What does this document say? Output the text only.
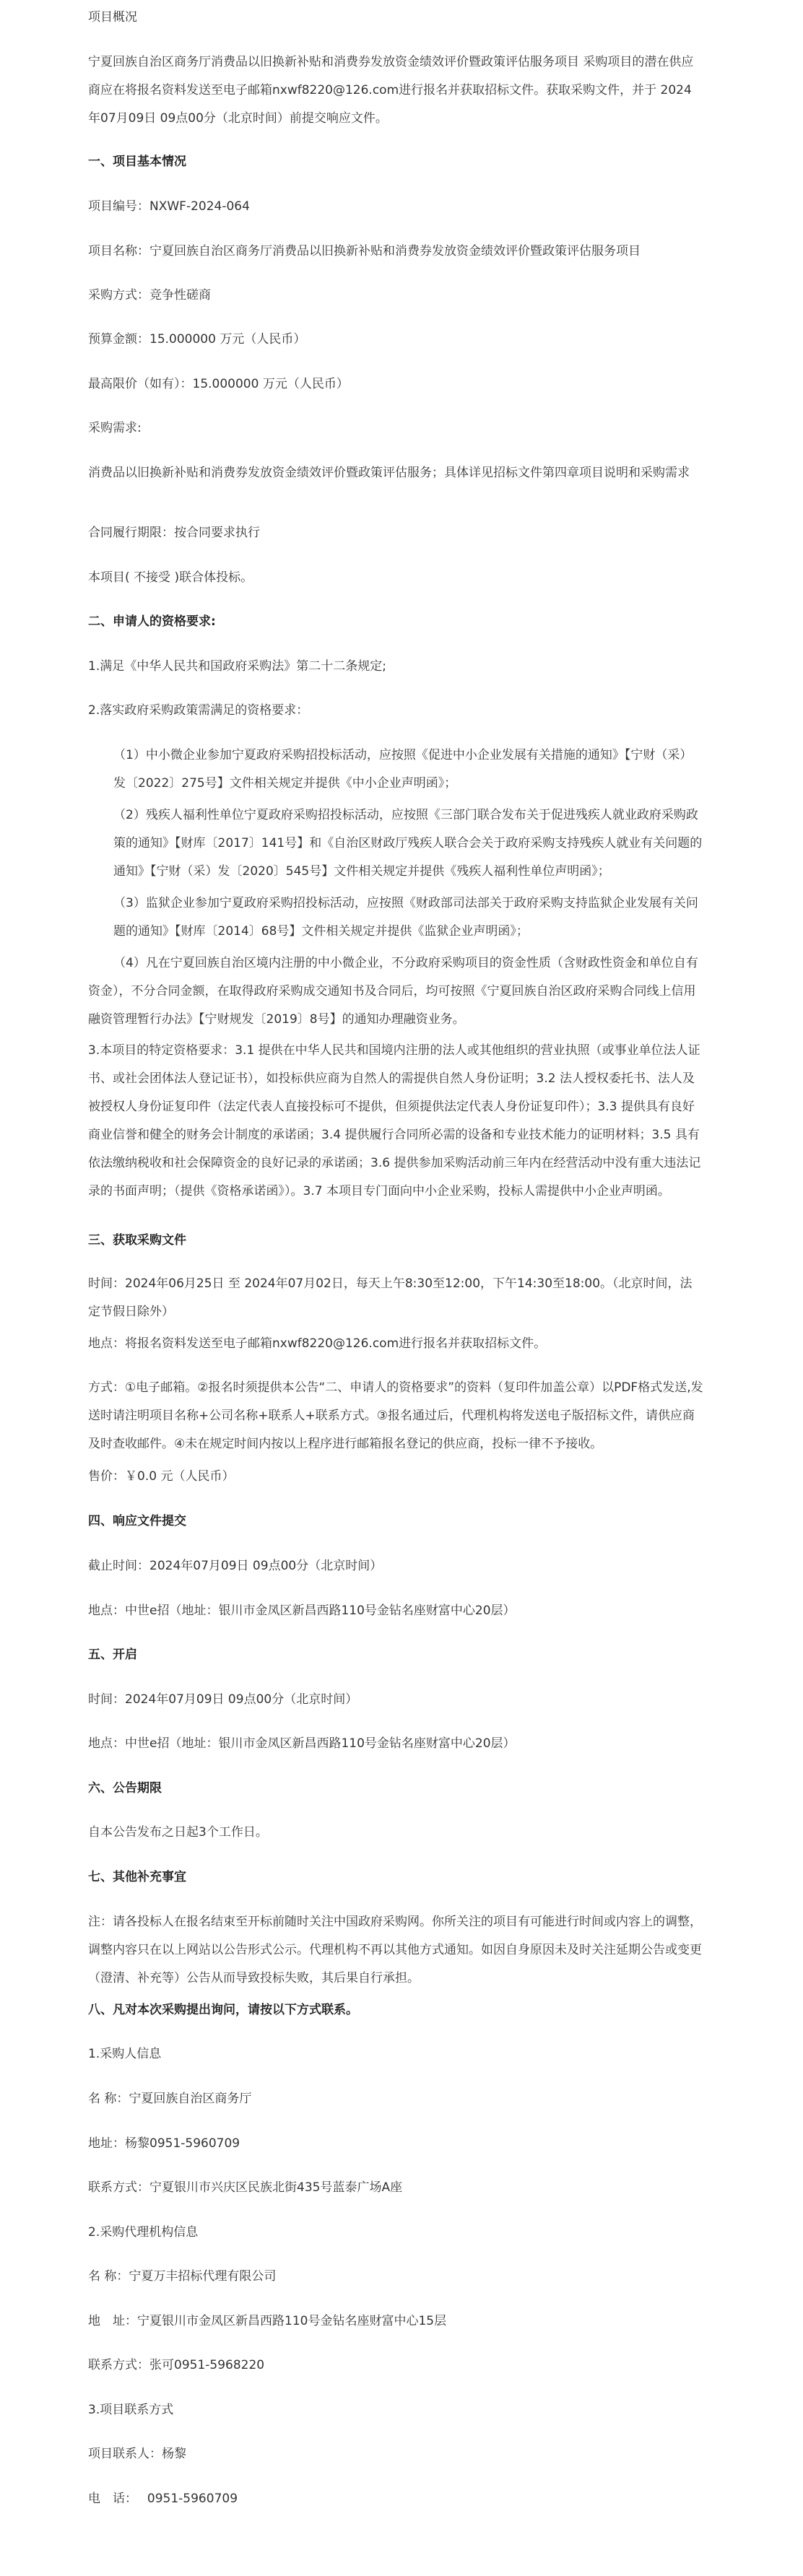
项目概况
宁夏回族自治区商务厅消费品以旧换新补贴和消费券发放资金绩效评价暨政策评估服务项目 采购项目的潜在供应商应在将报名资料发送至电子邮箱nxwf8220@126.com进行报名并获取招标文件。获取采购文件，并于 2024年07月09日 09点00分（北京时间）前提交响应文件。
一、项目基本情况
项目编号：NXWF-2024-064
项目名称：宁夏回族自治区商务厅消费品以旧换新补贴和消费券发放资金绩效评价暨政策评估服务项目
采购方式：竞争性磋商
预算金额：15.000000 万元（人民币）
最高限价（如有）：15.000000 万元（人民币）
采购需求:
消费品以旧换新补贴和消费券发放资金绩效评价暨政策评估服务；具体详见招标文件第四章项目说明和采购需求
合同履行期限：按合同要求执行
本项目( 不接受 )联合体投标。
二、申请人的资格要求:
1.满足《中华人民共和国政府采购法》第二十二条规定;
2.落实政府采购政策需满足的资格要求：
（1）中小微企业参加宁夏政府采购招投标活动，应按照《促进中小企业发展有关措施的通知》【宁财（采）发〔2022〕275号】文件相关规定并提供《中小企业声明函》；
（2）残疾人福利性单位宁夏政府采购招投标活动，应按照《三部门联合发布关于促进残疾人就业政府采购政策的通知》【财库〔2017〕141号】和《自治区财政厅残疾人联合会关于政府采购支持残疾人就业有关问题的通知》【宁财（采）发〔2020〕545号】文件相关规定并提供《残疾人福利性单位声明函》；
（3）监狱企业参加宁夏政府采购招投标活动，应按照《财政部司法部关于政府采购支持监狱企业发展有关问题的通知》【财库〔2014〕68号】文件相关规定并提供《监狱企业声明函》；
（4）凡在宁夏回族自治区境内注册的中小微企业，不分政府采购项目的资金性质（含财政性资金和单位自有资金），不分合同金额，在取得政府采购成交通知书及合同后，均可按照《宁夏回族自治区政府采购合同线上信用融资管理暂行办法》【宁财规发〔2019〕8号】的通知办理融资业务。
3.本项目的特定资格要求：3.1 提供在中华人民共和国境内注册的法人或其他组织的营业执照（或事业单位法人证书、或社会团体法人登记证书），如投标供应商为自然人的需提供自然人身份证明；3.2 法人授权委托书、法人及被授权人身份证复印件（法定代表人直接投标可不提供，但须提供法定代表人身份证复印件）；3.3 提供具有良好商业信誉和健全的财务会计制度的承诺函；3.4 提供履行合同所必需的设备和专业技术能力的证明材料；3.5 具有依法缴纳税收和社会保障资金的良好记录的承诺函；3.6 提供参加采购活动前三年内在经营活动中没有重大违法记录的书面声明；（提供《资格承诺函》）。3.7 本项目专门面向中小企业采购，投标人需提供中小企业声明函。
三、获取采购文件
时间：2024年06月25日 至 2024年07月02日，每天上午8:30至12:00，下午14:30至18:00。（北京时间，法定节假日除外）
地点：将报名资料发送至电子邮箱nxwf8220@126.com进行报名并获取招标文件。
方式：①电子邮箱。②报名时须提供本公告“二、申请人的资格要求”的资料（复印件加盖公章）以PDF格式发送,发送时请注明项目名称+公司名称+联系人+联系方式。③报名通过后，代理机构将发送电子版招标文件，请供应商及时查收邮件。④未在规定时间内按以上程序进行邮箱报名登记的供应商，投标一律不予接收。
售价：￥0.0 元（人民币）
四、响应文件提交
截止时间：2024年07月09日 09点00分（北京时间）
地点：中世e招（地址：银川市金凤区新昌西路110号金钻名座财富中心20层）
五、开启
时间：2024年07月09日 09点00分（北京时间）
地点：中世e招（地址：银川市金凤区新昌西路110号金钻名座财富中心20层）
六、公告期限
自本公告发布之日起3个工作日。
七、其他补充事宜
注：请各投标人在报名结束至开标前随时关注中国政府采购网。你所关注的项目有可能进行时间或内容上的调整，调整内容只在以上网站以公告形式公示。代理机构不再以其他方式通知。如因自身原因未及时关注延期公告或变更（澄清、补充等）公告从而导致投标失败，其后果自行承担。
八、凡对本次采购提出询问，请按以下方式联系。
1.采购人信息
名 称：宁夏回族自治区商务厅
地址：杨黎0951-5960709
联系方式：宁夏银川市兴庆区民族北街435号蓝泰广场A座
2.采购代理机构信息
名 称：宁夏万丰招标代理有限公司
地　址：宁夏银川市金凤区新昌西路110号金钻名座财富中心15层
联系方式：张可0951-5968220
3.项目联系方式
项目联系人：杨黎
电　话：　 0951-5960709
